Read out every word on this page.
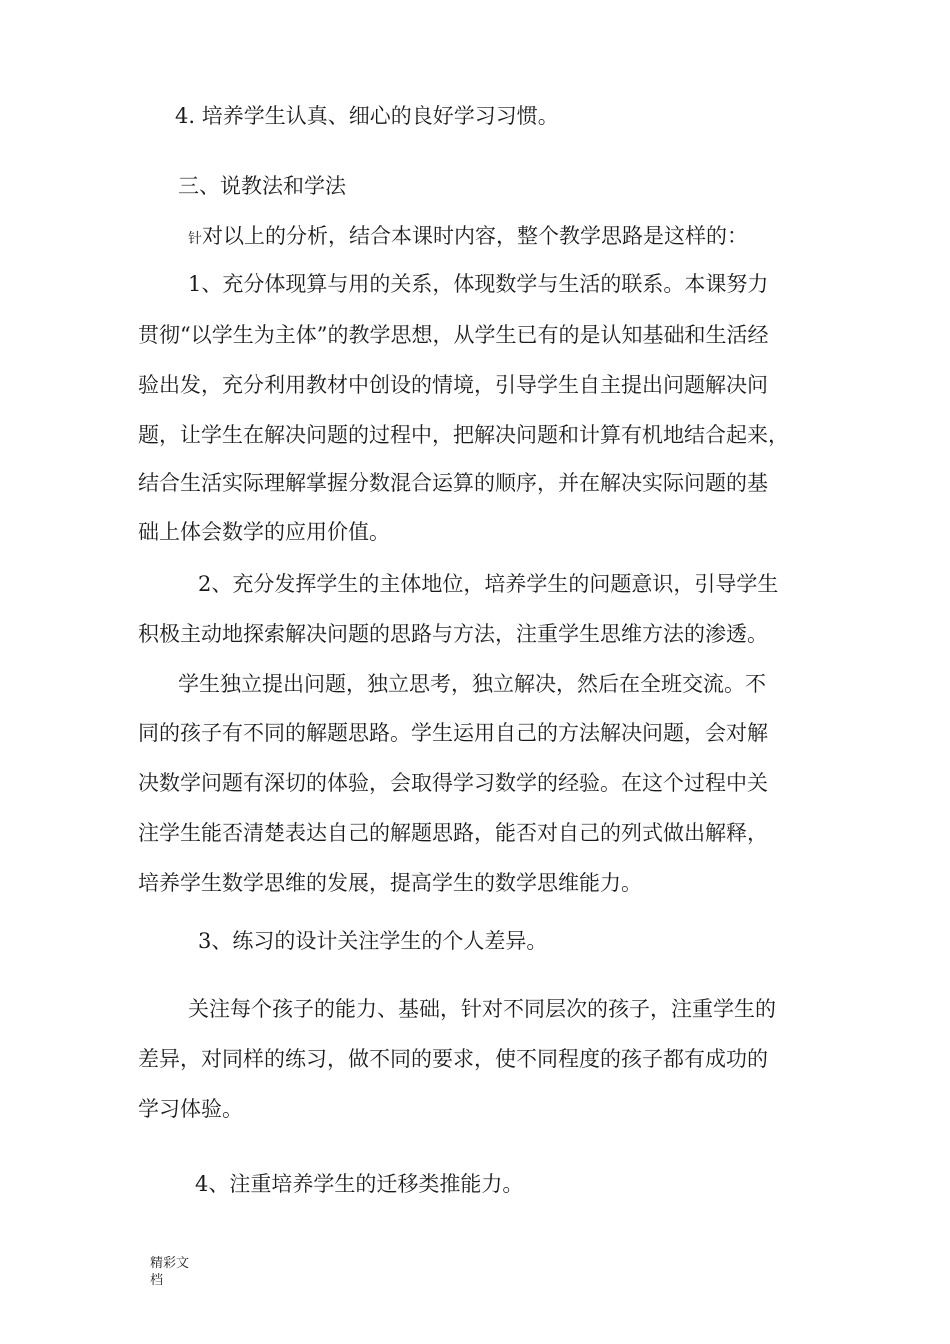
4. 培养学生认真、细心的良好学习习惯。
三、说教法和学法
针对以上的分析，结合本课时内容，整个教学思路是这样的：
1、充分体现算与用的关系，体现数学与生活的联系。本课努力
贯彻“以学生为主体”的教学思想，从学生已有的是认知基础和生活经
验出发，充分利用教材中创设的情境，引导学生自主提出问题解决问
题，让学生在解决问题的过程中，把解决问题和计算有机地结合起来，
结合生活实际理解掌握分数混合运算的顺序，并在解决实际问题的基
础上体会数学的应用价值。
2、充分发挥学生的主体地位，培养学生的问题意识，引导学生
积极主动地探索解决问题的思路与方法，注重学生思维方法的渗透。
学生独立提出问题，独立思考，独立解决，然后在全班交流。不
同的孩子有不同的解题思路。学生运用自己的方法解决问题，会对解
决数学问题有深切的体验，会取得学习数学的经验。在这个过程中关
注学生能否清楚表达自己的解题思路，能否对自己的列式做出解释，
培养学生数学思维的发展，提高学生的数学思维能力。
3、练习的设计关注学生的个人差异。
关注每个孩子的能力、基础，针对不同层次的孩子，注重学生的
差异，对同样的练习，做不同的要求，使不同程度的孩子都有成功的
学习体验。
4、注重培养学生的迁移类推能力。
精彩文
档
